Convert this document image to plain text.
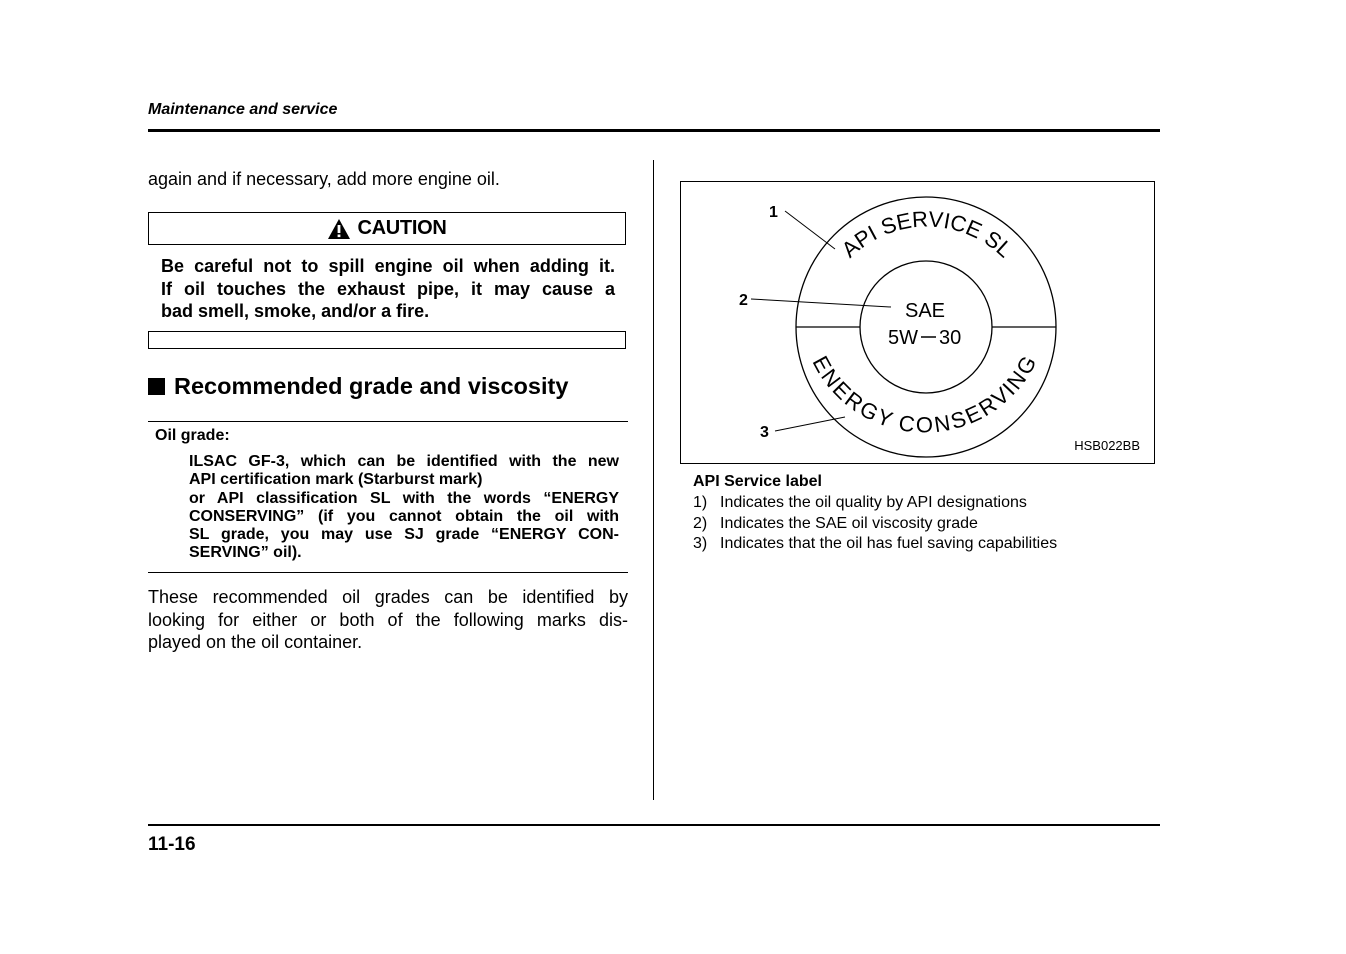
Maintenance and service
again and if necessary, add more engine oil.
CAUTION
Be careful not to spill engine oil when adding it.
If oil touches the exhaust pipe, it may cause a
bad smell, smoke, and/or a fire.
Recommended grade and viscosity
Oil grade:
ILSAC GF-3, which can be identified with the new
API certification mark (Starburst mark)
or API classification SL with the words “ENERGY
CONSERVING” (if you cannot obtain the oil with
SL grade, you may use SJ grade “ENERGY CON-
SERVING” oil).
These recommended oil grades can be identified by
looking for either or both of the following marks dis-
played on the oil container.
API SERVICE SL
ENERGY CONSERVING
SAE
5W 30
1
2
3
HSB022BB
API Service label
1) Indicates the oil quality by API designations
2) Indicates the SAE oil viscosity grade
3) Indicates that the oil has fuel saving capabilities
11-16
